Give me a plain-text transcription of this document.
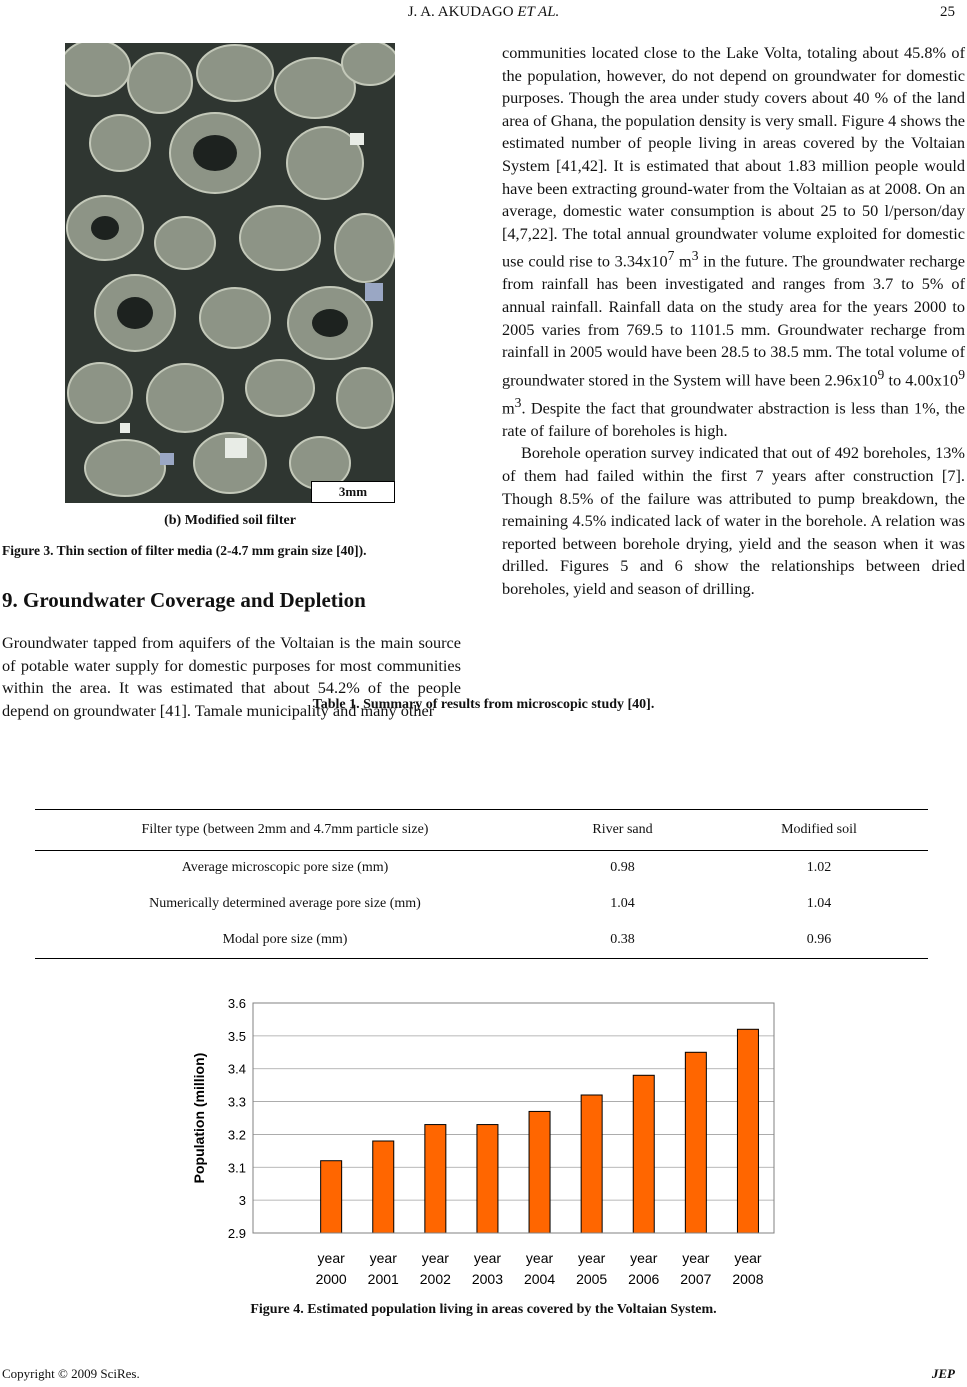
J. A. AKUDAGO ET AL.	25
3mm
(b) Modified soil filter
Figure 3. Thin section of filter media (2-4.7 mm grain size [40]).
9. Groundwater Coverage and Depletion

Groundwater tapped from aquifers of the Voltaian is the main source of potable water supply for domestic purposes for most communities within the area. It was estimated that about 54.2% of the people depend on groundwater [41]. Tamale municipality and many other

communities located close to the Lake Volta, totaling about 45.8% of the population, however, do not depend on groundwater for domestic purposes. Though the area under study covers about 40 % of the land area of Ghana, the population density is very small. Figure 4 shows the estimated number of people living in areas covered by the Voltaian System [41,42]. It is estimated that about 1.83 million people would have been extracting ground-water from the Voltaian as at 2008. On an average, domestic water consumption is about 25 to 50 l/person/day [4,7,22]. The total annual groundwater volume exploited for domestic use could rise to $3.34x10^7$ $m^3$ in the future. The groundwater recharge from rainfall has been investigated and ranges from 3.7 to 5% of annual rainfall. Rainfall data on the study area for the years 2000 to 2005 varies from 769.5 to 1101.5 mm. Groundwater recharge from rainfall in 2005 would have been 28.5 to 38.5 mm. The total volume of groundwater stored in the System will have been $2.96x10^9$ to $4.00x10^9$ $m^3$. Despite the fact that groundwater abstraction is less than 1%, the rate of failure of boreholes is high.

Borehole operation survey indicated that out of 492 boreholes, 13% of them had failed within the first 7 years after construction [7]. Though 8.5% of the failure was attributed to pump breakdown, the remaining 4.5% indicated lack of water in the borehole. A relation was reported between borehole drying, yield and the season when it was drilled. Figures 5 and 6 show the relationships between dried boreholes, yield and season of drilling.

Table 1. Summary of results from microscopic study [40].
Filter type (between 2mm and 4.7mm particle size)	River sand	Modified soil
Average microscopic pore size (mm)	0.98	1.02
Numerically determined average pore size (mm)	1.04	1.04
Modal pore size (mm)	0.38	0.96
2.9
3
3.1
3.2
3.3
3.4
3.5
3.6
year
2000
year
2001
year
2002
year
2003
year
2004
year
2005
year
2006
year
2007
year
2008
Population (million)
Figure 4. Estimated population living in areas covered by the Voltaian System.
Copyright © 2009 SciRes.	JEP
